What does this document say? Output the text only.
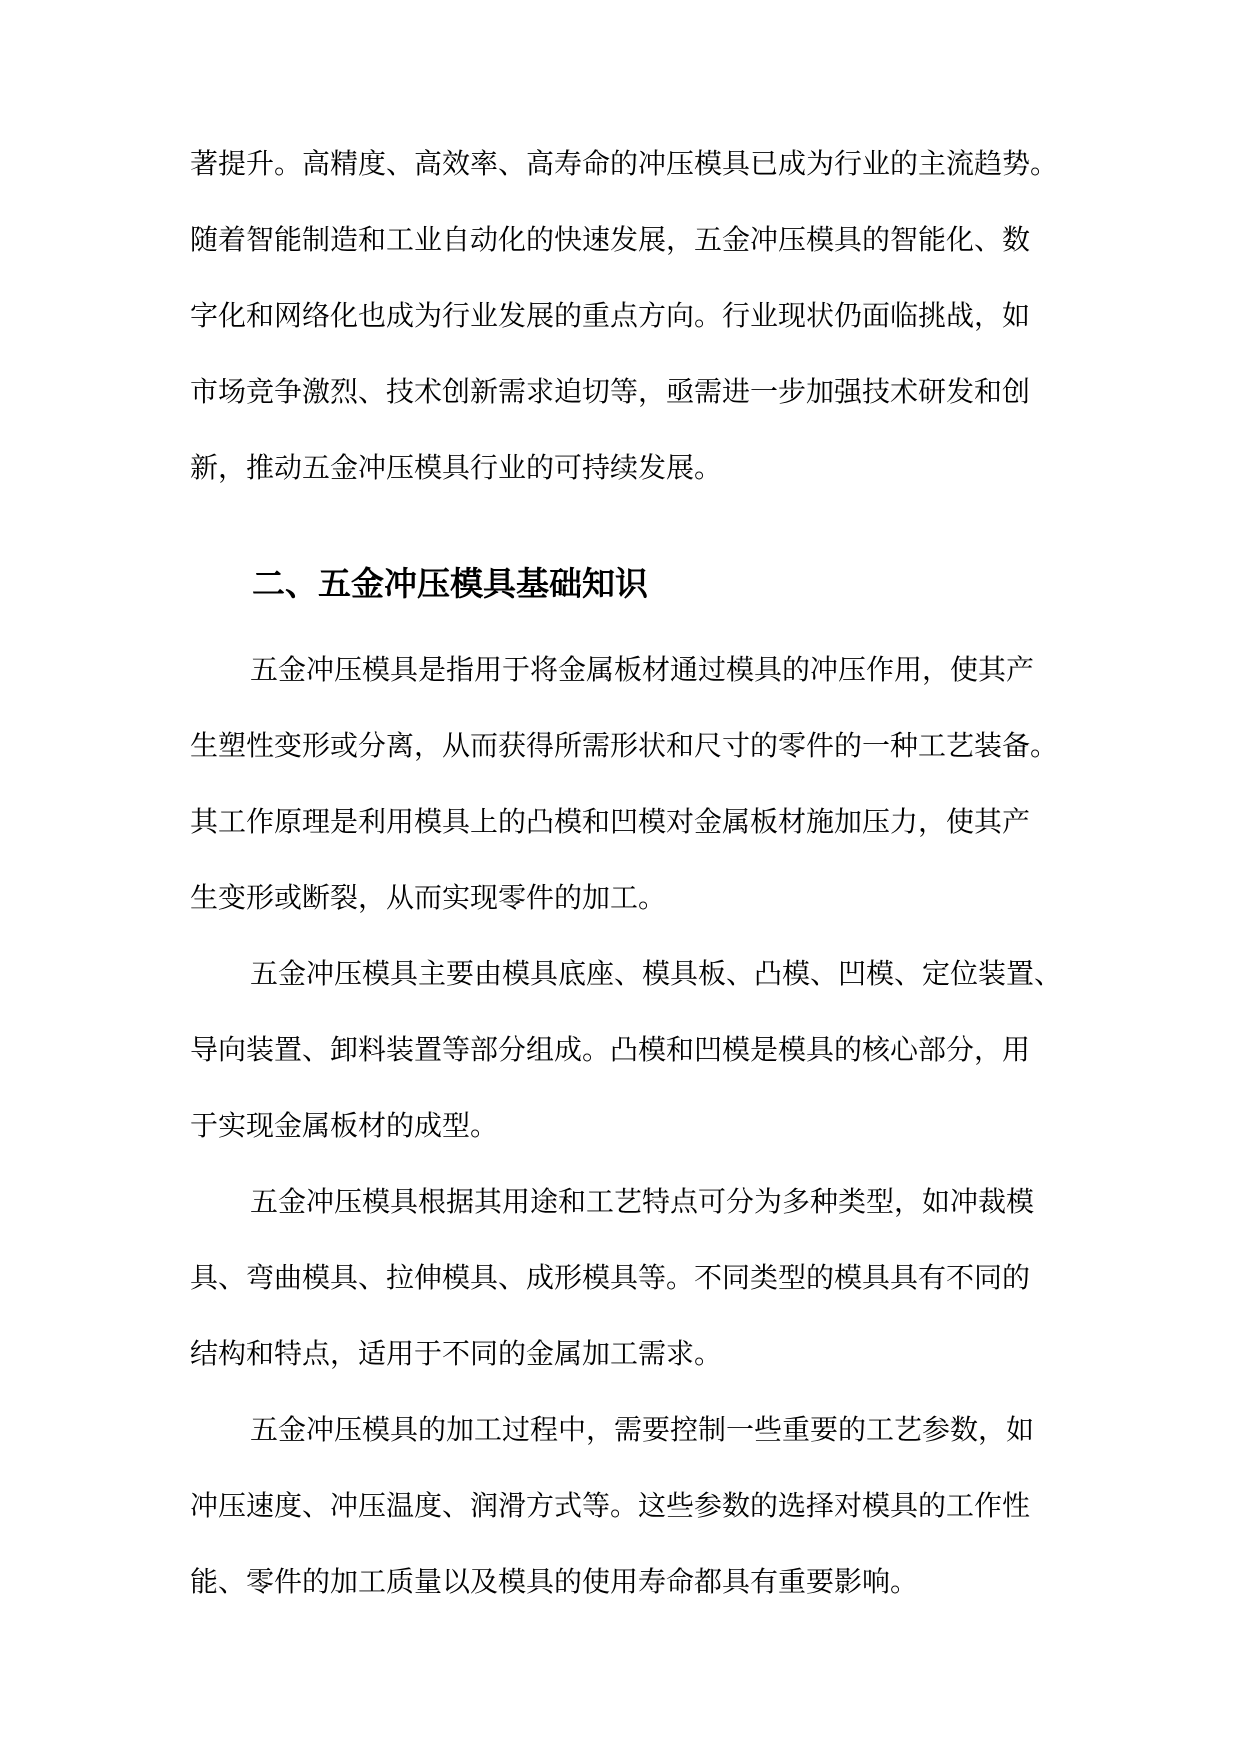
著提升。高精度、高效率、高寿命的冲压模具已成为行业的主流趋势。
随着智能制造和工业自动化的快速发展，五金冲压模具的智能化、数
字化和网络化也成为行业发展的重点方向。行业现状仍面临挑战，如
市场竞争激烈、技术创新需求迫切等，亟需进一步加强技术研发和创
新，推动五金冲压模具行业的可持续发展。
二、五金冲压模具基础知识
五金冲压模具是指用于将金属板材通过模具的冲压作用，使其产
生塑性变形或分离，从而获得所需形状和尺寸的零件的一种工艺装备。
其工作原理是利用模具上的凸模和凹模对金属板材施加压力，使其产
生变形或断裂，从而实现零件的加工。
五金冲压模具主要由模具底座、模具板、凸模、凹模、定位装置、
导向装置、卸料装置等部分组成。凸模和凹模是模具的核心部分，用
于实现金属板材的成型。
五金冲压模具根据其用途和工艺特点可分为多种类型，如冲裁模
具、弯曲模具、拉伸模具、成形模具等。不同类型的模具具有不同的
结构和特点，适用于不同的金属加工需求。
五金冲压模具的加工过程中，需要控制一些重要的工艺参数，如
冲压速度、冲压温度、润滑方式等。这些参数的选择对模具的工作性
能、零件的加工质量以及模具的使用寿命都具有重要影响。
